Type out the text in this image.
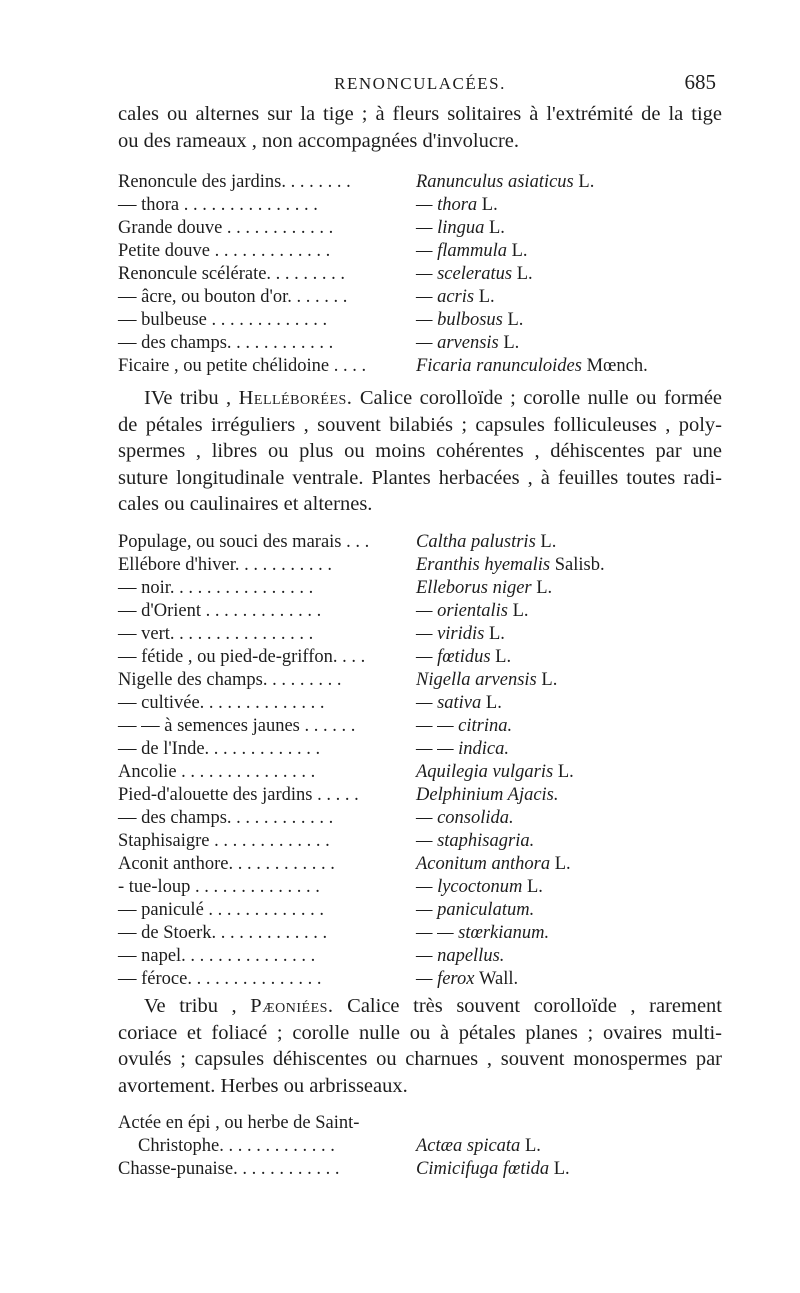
RENONCULACÉES.	685
cales ou alternes sur la tige ; à fleurs solitaires à l'extrémité de la tige
ou des rameaux , non accompagnées d'involucre.
Renoncule des jardins. . . . . . . .	Ranunculus asiaticus L.
— thora . . . . . . . . . . . . . . .	— thora L.
Grande douve . . . . . . . . . . . .	— lingua L.
Petite douve . . . . . . . . . . . . .	— flammula L.
Renoncule scélérate. . . . . . . . .	— sceleratus L.
— âcre, ou bouton d'or. . . . . . .	— acris L.
— bulbeuse . . . . . . . . . . . . .	— bulbosus L.
— des champs. . . . . . . . . . . .	— arvensis L.
Ficaire , ou petite chélidoine . . . .	Ficaria ranunculoides Mœnch.
IVe tribu , Helléborées. Calice corolloïde ; corolle nulle ou formée
de pétales irréguliers , souvent bilabiés ; capsules folliculeuses , poly-
spermes , libres ou plus ou moins cohérentes , déhiscentes par une
suture longitudinale ventrale. Plantes herbacées , à feuilles toutes radi-
cales ou caulinaires et alternes.
Populage, ou souci des marais . . .	Caltha palustris L.
Ellébore d'hiver. . . . . . . . . . .	Eranthis hyemalis Salisb.
— noir. . . . . . . . . . . . . . . .	Elleborus niger L.
— d'Orient . . . . . . . . . . . . .	— orientalis L.
— vert. . . . . . . . . . . . . . . .	— viridis L.
— fétide , ou pied-de-griffon. . . .	— fœtidus L.
Nigelle des champs. . . . . . . . .	Nigella arvensis L.
— cultivée. . . . . . . . . . . . . .	— sativa L.
— — à semences jaunes . . . . . .	— — citrina.
— de l'Inde. . . . . . . . . . . . .	— — indica.
Ancolie . . . . . . . . . . . . . . .	Aquilegia vulgaris L.
Pied-d'alouette des jardins . . . . .	Delphinium Ajacis.
— des champs. . . . . . . . . . . .	— consolida.
Staphisaigre . . . . . . . . . . . . .	— staphisagria.
Aconit anthore. . . . . . . . . . . .	Aconitum anthora L.
- tue-loup . . . . . . . . . . . . . .	— lycoctonum L.
— paniculé . . . . . . . . . . . . .	— paniculatum.
— de Stoerk. . . . . . . . . . . . .	— — stœrkianum.
— napel. . . . . . . . . . . . . . .	— napellus.
— féroce. . . . . . . . . . . . . . .	— ferox Wall.
Ve tribu , Pæoniées. Calice très souvent corolloïde , rarement
coriace et foliacé ; corolle nulle ou à pétales planes ; ovaires multi-
ovulés ; capsules déhiscentes ou charnues , souvent monospermes par
avortement. Herbes ou arbrisseaux.
Actée en épi , ou herbe de Saint-
Christophe. . . . . . . . . . . . .	Actæa spicata L.
Chasse-punaise. . . . . . . . . . . .	Cimicifuga fœtida L.
